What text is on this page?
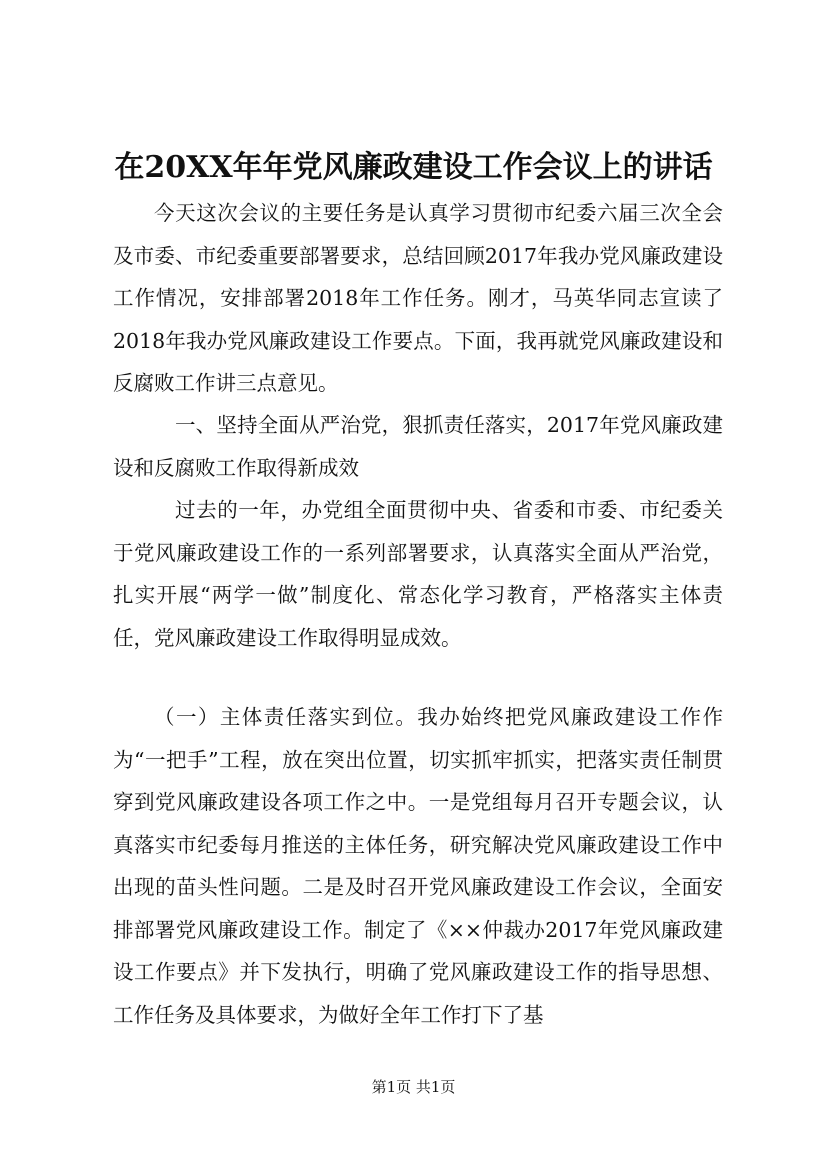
在20XX年年党风廉政建设工作会议上的讲话

今天这次会议的主要任务是认真学习贯彻市纪委六届三次全会及市委、市纪委重要部署要求，总结回顾2017年我办党风廉政建设工作情况，安排部署2018年工作任务。刚才，马英华同志宣读了2018年我办党风廉政建设工作要点。下面，我再就党风廉政建设和反腐败工作讲三点意见。

一、坚持全面从严治党，狠抓责任落实，2017年党风廉政建设和反腐败工作取得新成效

过去的一年，办党组全面贯彻中央、省委和市委、市纪委关于党风廉政建设工作的一系列部署要求，认真落实全面从严治党，扎实开展“两学一做”制度化、常态化学习教育，严格落实主体责任，党风廉政建设工作取得明显成效。

（一）主体责任落实到位。我办始终把党风廉政建设工作作为“一把手”工程，放在突出位置，切实抓牢抓实，把落实责任制贯穿到党风廉政建设各项工作之中。一是党组每月召开专题会议，认真落实市纪委每月推送的主体任务，研究解决党风廉政建设工作中出现的苗头性问题。二是及时召开党风廉政建设工作会议，全面安排部署党风廉政建设工作。制定了《××仲裁办2017年党风廉政建设工作要点》并下发执行，明确了党风廉政建设工作的指导思想、工作任务及具体要求，为做好全年工作打下了基

第1页 共1页
